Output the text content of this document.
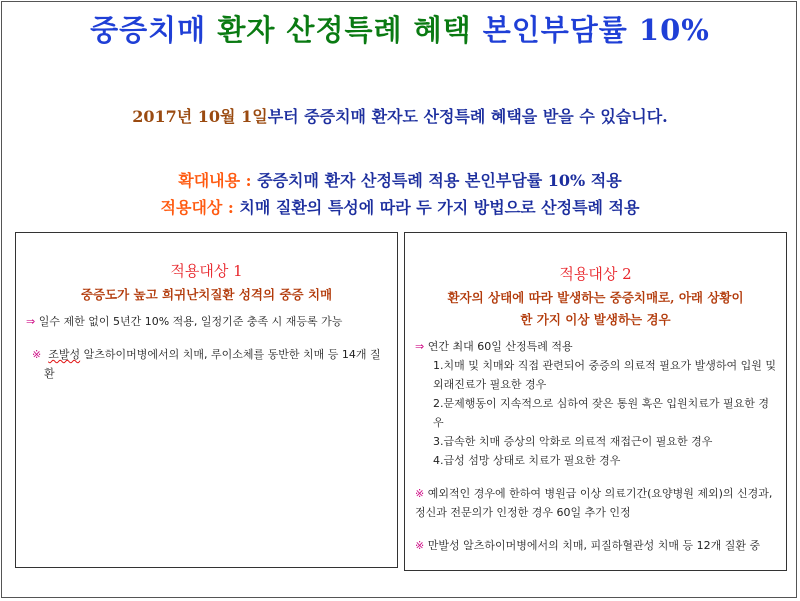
중증치매 환자 산정특례 혜택 본인부담률 10%
2017년 10월 1일부터 중증치매 환자도 산정특례 혜택을 받을 수 있습니다.
확대내용 : 중증치매 환자 산정특례 적용 본인부담률 10% 적용
적용대상 : 치매 질환의 특성에 따라 두 가지 방법으로 산정특례 적용
적용대상 1
중증도가 높고 희귀난치질환 성격의 중증 치매

⇒ 일수 제한 없이 5년간 10% 적용, 일정기준 충족 시 재등록 가능

※ 조발성 알츠하이머병에서의 치매, 루이소체를 동반한 치매 등 14개 질환

적용대상 2
환자의 상태에 따라 발생하는 중증치매로, 아래 상황이
한 가지 이상 발생하는 경우

⇒ 연간 최대 60일 산정특례 적용

1.치매 및 치매와 직접 관련되어 중증의 의료적 필요가 발생하여 입원 및 외래진료가 필요한 경우

2.문제행동이 지속적으로 심하여 잦은 통원 혹은 입원치료가 필요한 경우

3.급속한 치매 증상의 악화로 의료적 재접근이 필요한 경우

4.급성 섬망 상태로 치료가 필요한 경우

※ 예외적인 경우에 한하여 병원급 이상 의료기간(요양병원 제외)의 신경과,정신과 전문의가 인정한 경우 60일 추가 인정

※ 만발성 알츠하이머병에서의 치매, 피질하혈관성 치매 등 12개 질환 중
